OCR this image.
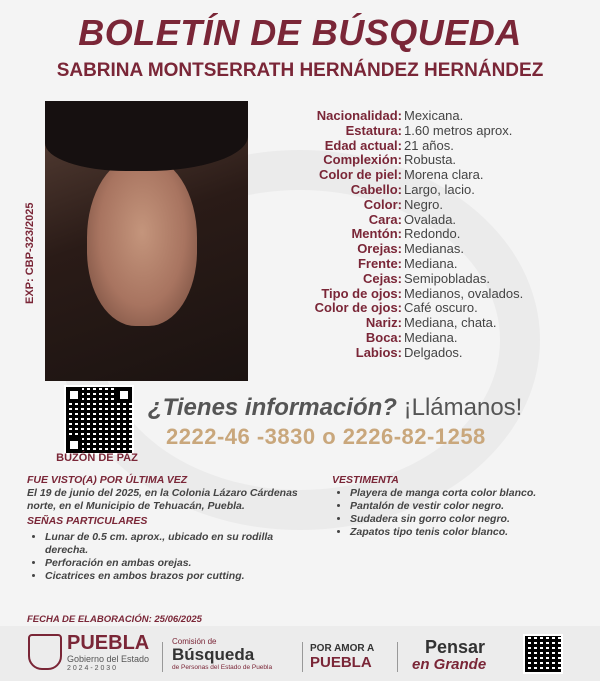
BOLETÍN DE BÚSQUEDA
SABRINA MONTSERRATH HERNÁNDEZ HERNÁNDEZ
EXP: CBP-323/2025
Nacionalidad:
Estatura:
Edad actual:
Complexión:
Color de piel:
Cabello:
Color:
Cara:
Mentón:
Orejas:
Frente:
Cejas:
Tipo de ojos:
Color de ojos:
Nariz:
Boca:
Labios:
Mexicana.
1.60 metros aprox.
21 años.
Robusta.
Morena clara.
Largo, lacio.
Negro.
Ovalada.
Redondo.
Medianas.
Mediana.
Semipobladas.
Medianos, ovalados.
Café oscuro.
Mediana, chata.
Mediana.
Delgados.
BUZÓN DE PAZ
¿Tienes información? ¡Llámanos!
2222-46 -3830 o 2226-82-1258
FUE VISTO(A) POR ÚLTIMA VEZ

El 19 de junio del 2025, en la Colonia Lázaro Cárdenas norte, en el Municipio de Tehuacán, Puebla.

SEÑAS PARTICULARES
• Lunar de 0.5 cm. aprox., ubicado en su rodilla derecha.
• Perforación en ambas orejas.
• Cicatrices en ambos brazos por cutting.
VESTIMENTA
• Playera de manga corta color blanco.
• Pantalón de vestir color negro.
• Sudadera sin gorro color negro.
• Zapatos tipo tenis color blanco.
FECHA DE ELABORACIÓN: 25/06/2025
PUEBLA
Gobierno del Estado
2 0 2 4 - 2 0 3 0
Comisión de
Búsqueda
de Personas del Estado de Puebla
POR AMOR A
PUEBLA
Pensar
en Grande
